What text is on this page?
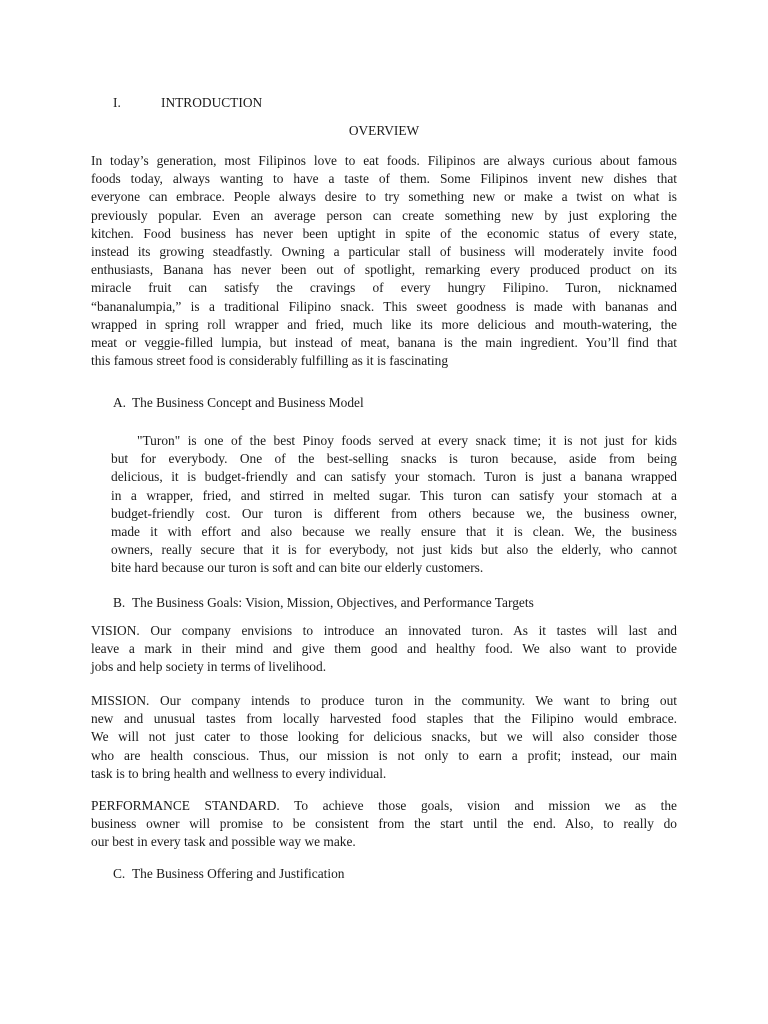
I.	INTRODUCTION
OVERVIEW
In today’s generation, most Filipinos love to eat foods. Filipinos are always curious about famous
foods today, always wanting to have a taste of them. Some Filipinos invent new dishes that
everyone can embrace. People always desire to try something new or make a twist on what is
previously popular. Even an average person can create something new by just exploring the
kitchen. Food business has never been uptight in spite of the economic status of every state,
instead its growing steadfastly. Owning a particular stall of business will moderately invite food
enthusiasts, Banana has never been out of spotlight, remarking every produced product on its
miracle fruit can satisfy the cravings of every hungry Filipino. Turon, nicknamed
“bananalumpia,” is a traditional Filipino snack. This sweet goodness is made with bananas and
wrapped in spring roll wrapper and fried, much like its more delicious and mouth-watering, the
meat or veggie-filled lumpia, but instead of meat, banana is the main ingredient. You’ll find that
this famous street food is considerably fulfilling as it is fascinating
A. The Business Concept and Business Model
"Turon" is one of the best Pinoy foods served at every snack time; it is not just for kids
but for everybody. One of the best-selling snacks is turon because, aside from being
delicious, it is budget-friendly and can satisfy your stomach. Turon is just a banana wrapped
in a wrapper, fried, and stirred in melted sugar. This turon can satisfy your stomach at a
budget-friendly cost. Our turon is different from others because we, the business owner,
made it with effort and also because we really ensure that it is clean. We, the business
owners, really secure that it is for everybody, not just kids but also the elderly, who cannot
bite hard because our turon is soft and can bite our elderly customers.
B. The Business Goals: Vision, Mission, Objectives, and Performance Targets
VISION. Our company envisions to introduce an innovated turon. As it tastes will last and
leave a mark in their mind and give them good and healthy food. We also want to provide
jobs and help society in terms of livelihood.
MISSION. Our company intends to produce turon in the community. We want to bring out
new and unusual tastes from locally harvested food staples that the Filipino would embrace.
We will not just cater to those looking for delicious snacks, but we will also consider those
who are health conscious. Thus, our mission is not only to earn a profit; instead, our main
task is to bring health and wellness to every individual.
PERFORMANCE STANDARD. To achieve those goals, vision and mission we as the
business owner will promise to be consistent from the start until the end. Also, to really do
our best in every task and possible way we make.
C. The Business Offering and Justification
